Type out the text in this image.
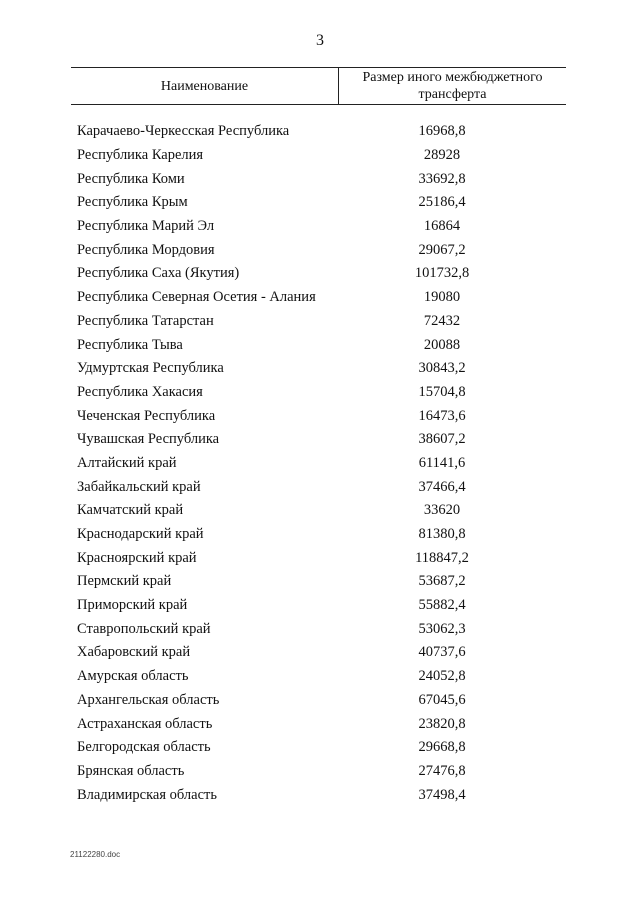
3
Наименование
Размер иного межбюджетного трансферта
Карачаево-Черкесская Республика	16968,8
Республика Карелия	28928
Республика Коми	33692,8
Республика Крым	25186,4
Республика Марий Эл	16864
Республика Мордовия	29067,2
Республика Саха (Якутия)	101732,8
Республика Северная Осетия - Алания	19080
Республика Татарстан	72432
Республика Тыва	20088
Удмуртская Республика	30843,2
Республика Хакасия	15704,8
Чеченская Республика	16473,6
Чувашская Республика	38607,2
Алтайский край	61141,6
Забайкальский край	37466,4
Камчатский край	33620
Краснодарский край	81380,8
Красноярский край	118847,2
Пермский край	53687,2
Приморский край	55882,4
Ставропольский край	53062,3
Хабаровский край	40737,6
Амурская область	24052,8
Архангельская область	67045,6
Астраханская область	23820,8
Белгородская область	29668,8
Брянская область	27476,8
Владимирская область	37498,4
21122280.doc
